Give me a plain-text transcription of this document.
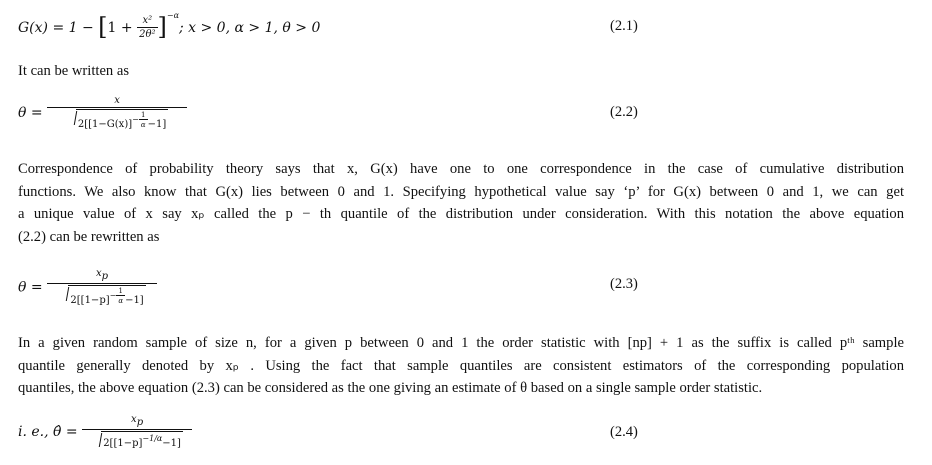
$G(x) = 1 - [1 + \frac{\text{x²}}{\text{2θ²}} ]^{-\alpha}$; x > 0, α > 1, θ > 0	(2.1)
It can be written as
θ = x
$2[[1-G(x)]^{- \frac{1}{\alpha}} -1]$	(2.2)
Correspondence of probability theory says that x, G(x) have one to one correspondence in the case of cumulative distribution
functions. We also know that G(x) lies between 0 and 1. Specifying hypothetical value say ‘p’ for G(x) between 0 and 1, we can get
a unique value of x say xₚ called the p − th quantile of the distribution under consideration. With this notation the above equation
(2.2) can be rewritten as
θ = xp
$2[[1-p]^{- \frac{1}{\alpha}} -1]$	(2.3)
In a given random sample of size n, for a given p between 0 and 1 the order statistic with [np] + 1 as the suffix is called pᵗʰ sample
quantile generally denoted by xₚ . Using the fact that sample quantiles are consistent estimators of the corresponding population
quantiles, the above equation (2.3) can be considered as the one giving an estimate of θ based on a single sample order statistic.
i. e., θ̂ = $\frac{xp}{2[[1-p]^{-1/\alpha}-1]}$	(2.4)
